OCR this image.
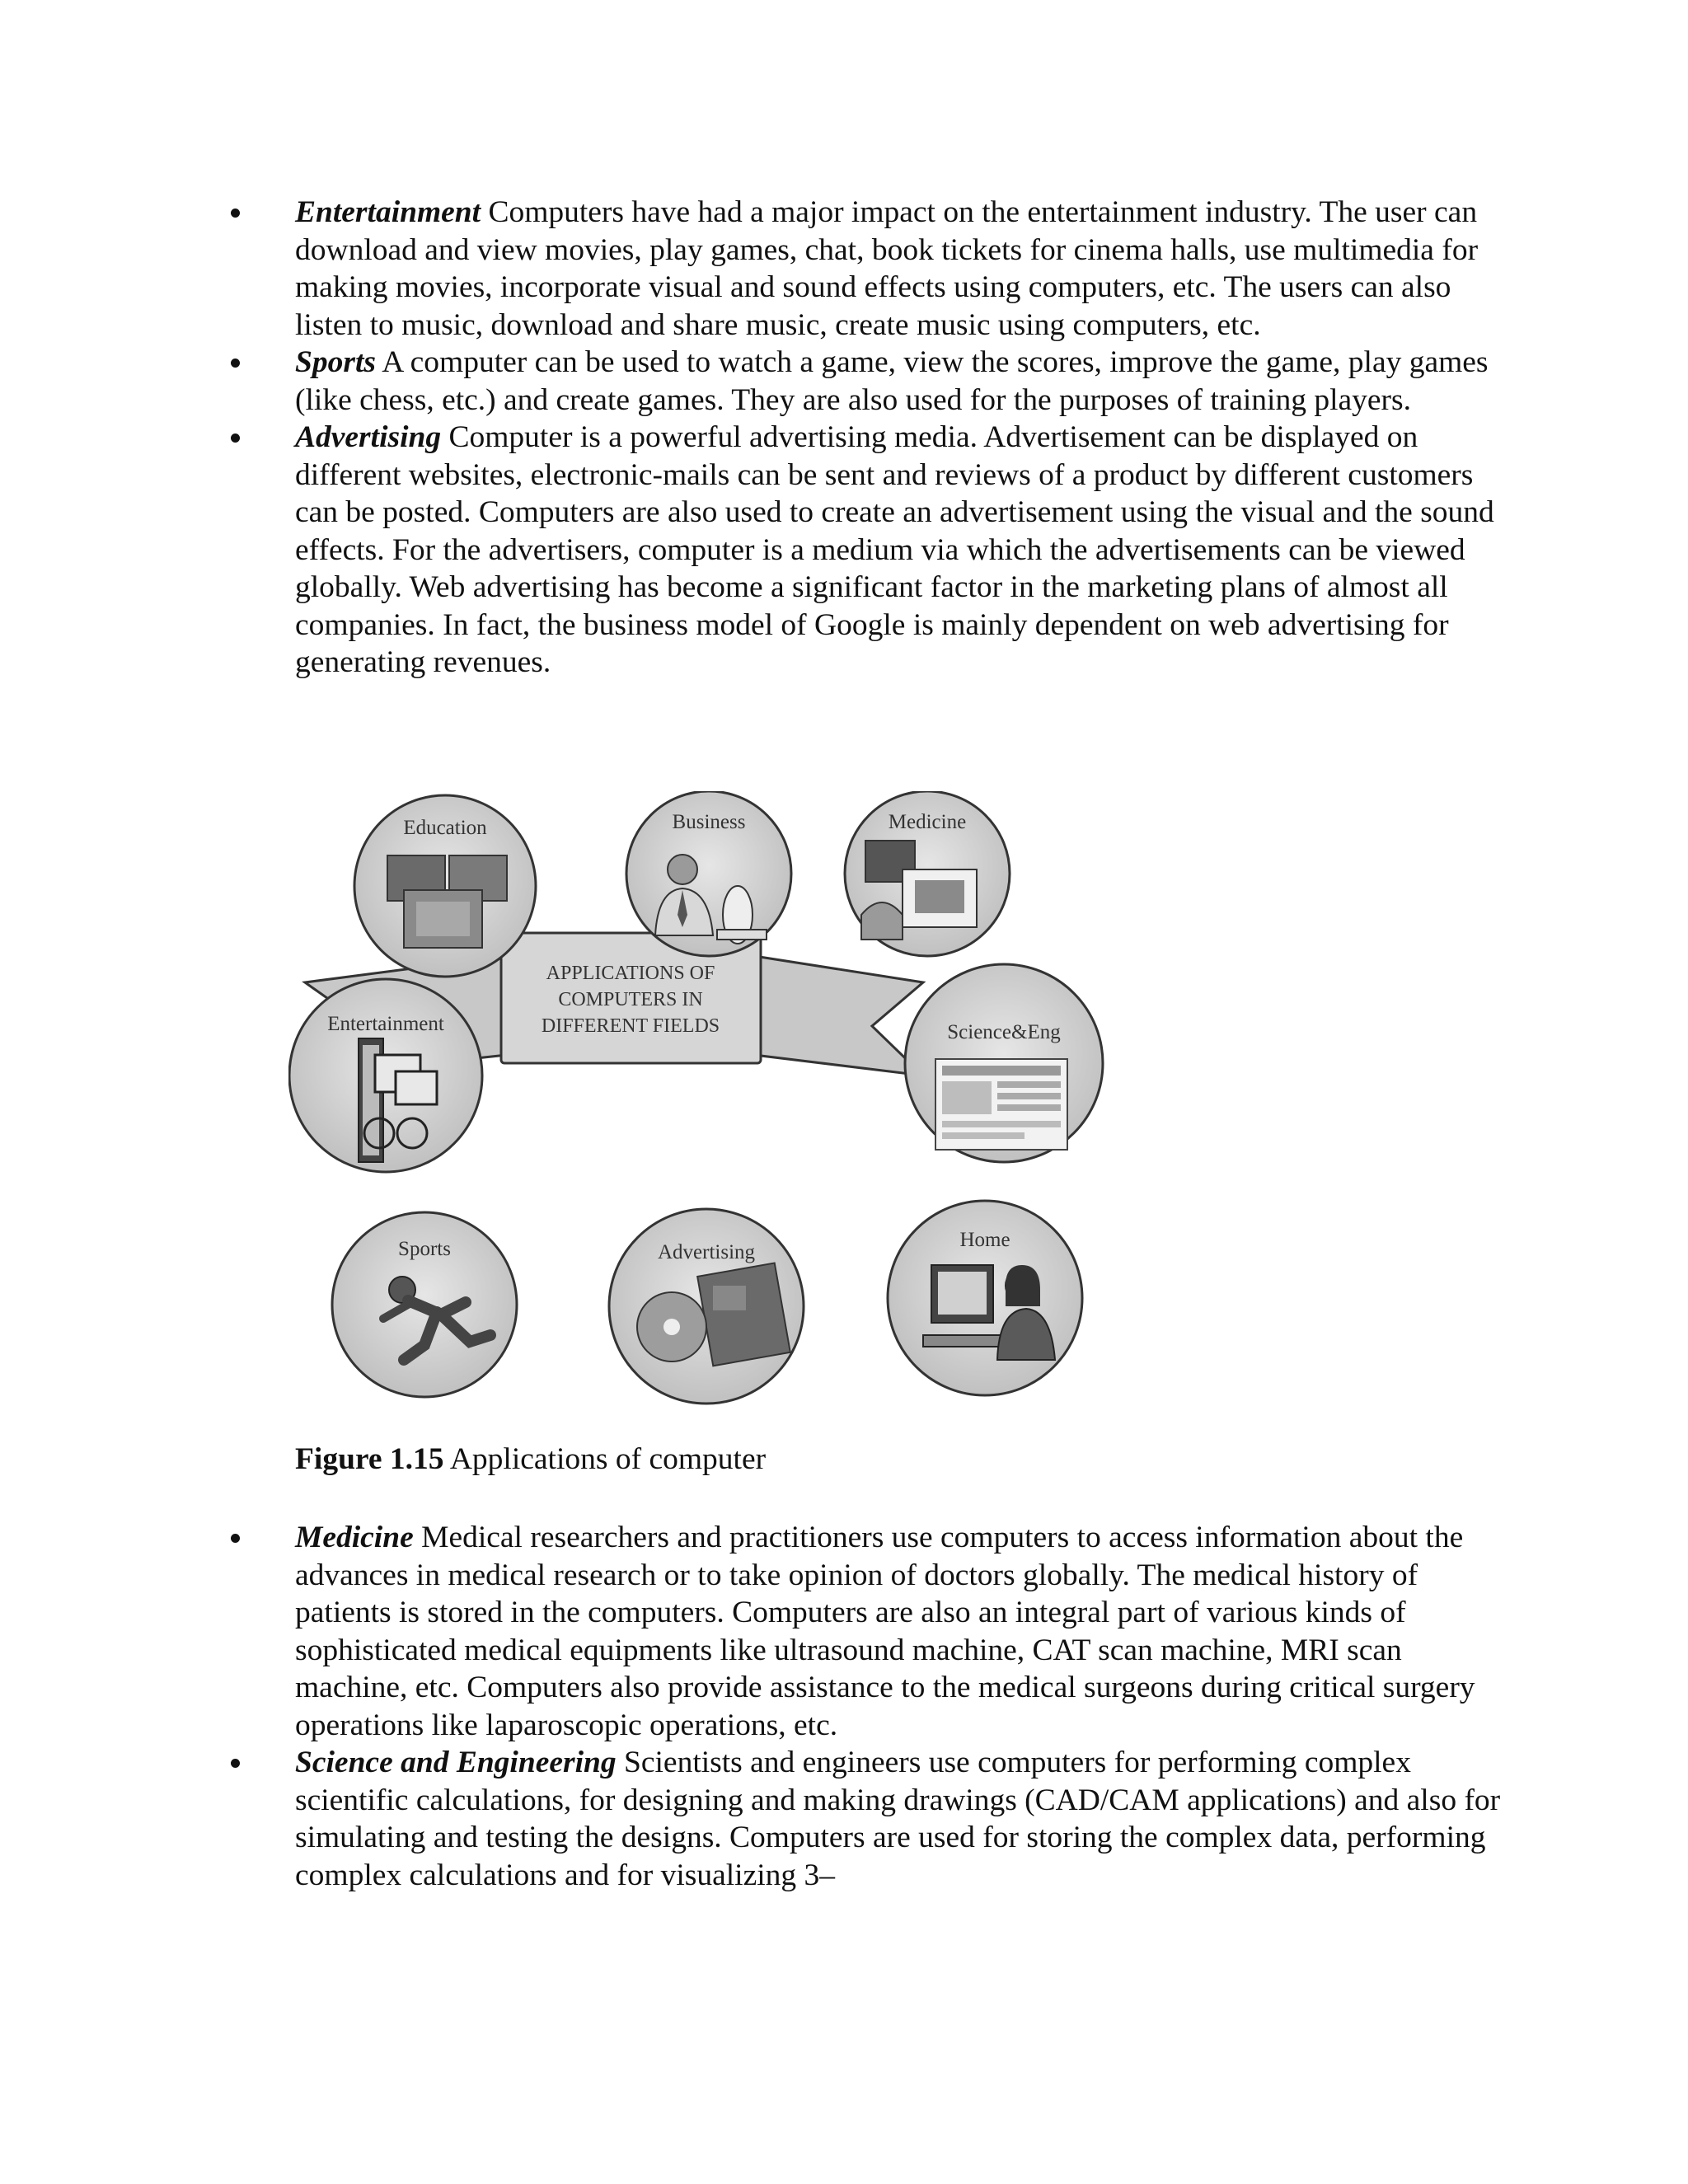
Entertainment Computers have had a major impact on the entertainment industry. The user can download and view movies, play games, chat, book tickets for cinema halls, use multimedia for making movies, incorporate visual and sound effects using computers, etc. The users can also listen to music, download and share music, create music using computers, etc.
Sports A computer can be used to watch a game, view the scores, improve the game, play games (like chess, etc.) and create games. They are also used for the purposes of training players.
Advertising Computer is a powerful advertising media. Advertisement can be displayed on different websites, electronic-mails can be sent and reviews of a product by different customers can be posted. Computers are also used to create an advertisement using the visual and the sound effects. For the advertisers, computer is a medium via which the advertisements can be viewed globally. Web advertising has become a significant factor in the marketing plans of almost all companies. In fact, the business model of Google is mainly dependent on web advertising for generating revenues.
APPLICATIONS OF
COMPUTERS IN
DIFFERENT FIELDS
Education	Business	Medicine
Entertainment	Science&Eng
Sports	Advertising
Home
Figure 1.15 Applications of computer
Medicine Medical researchers and practitioners use computers to access information about the advances in medical research or to take opinion of doctors globally. The medical history of patients is stored in the computers. Computers are also an integral part of various kinds of sophisticated medical equipments like ultrasound machine, CAT scan machine, MRI scan machine, etc. Computers also provide assistance to the medical surgeons during critical surgery operations like laparoscopic operations, etc.
Science and Engineering Scientists and engineers use computers for performing complex scientific calculations, for designing and making drawings (CAD/CAM applications) and also for simulating and testing the designs. Computers are used for storing the complex data, performing complex calculations and for visualizing 3–
